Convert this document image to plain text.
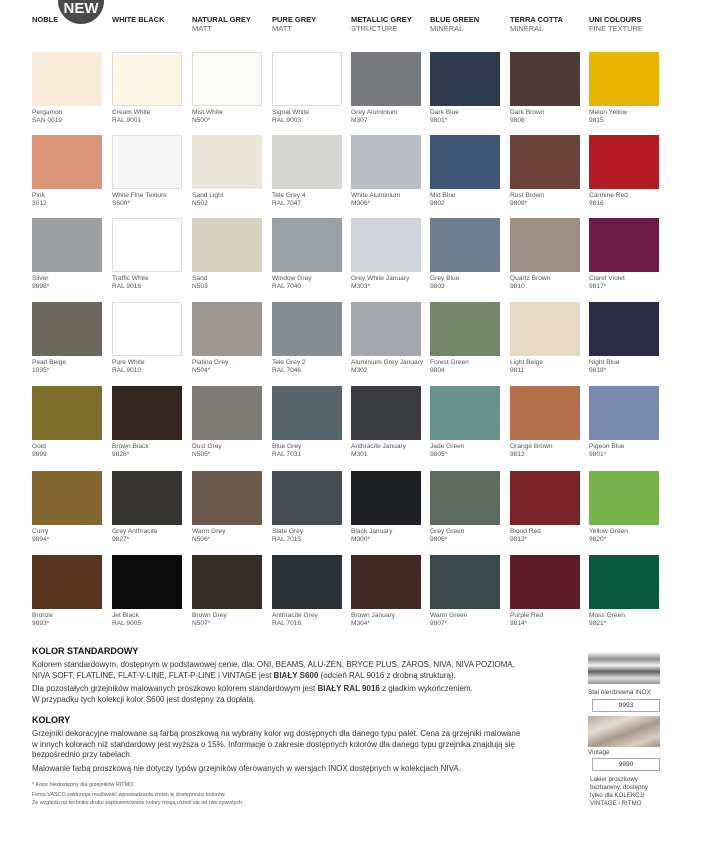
NEW
NOBLE	WHITE BLACK	NATURAL GREY
MATT
PURE GREY
MATT
METALLIC GREY
STRUCTURE
BLUE GREEN
MINERAL
TERRA COTTA
MINERAL
UNI COLOURS
FINE TEXTURE
Pergamon
SAN 0019
Pink
3012
Silver
9898*
Pearl Beige
1035*
Gold
9899
Curry
9894*
Bronze
9893*
Cream White
RAL 9001
White Fine Texture
S600*
Traffic White
RAL 9016
Pure White
RAL 9010
Brown Black
9826*
Grey Anthracite
9827*
Jet Black
RAL 9005
Mist White
N500*
Sand Light
N502
Sand
N503
Platina Grey
N504*
Dust Grey
N505*
Warm Grey
N506*
Brown Grey
N507*
Signal White
RAL 9003
Tele Grey 4
RAL 7047
Window Grey
RAL 7040
Tele Grey 2
RAL 7046
Blue Grey
RAL 7031
Slate Grey
RAL 7015
Anthracite Grey
RAL 7016
Grey Aluminium
M307
White Aluminium
M306*
Grey White January
M303*
Aluminium Grey January
M302
Anthracite January
M301
Black January
M300*
Brown January
M304*
Dark Blue
9801*
Mid Blue
9802
Grey Blue
9803
Forest Green
9804
Jade Green
9805*
Grey Green
9806*
Warm Green
9807*
Dark Brown
9808
Rust Brown
9809*
Quartz Brown
9810
Light Beige
9811
Orange Brown
9812
Blood Red
9813*
Purple Red
9814*
Melon Yellow
9815
Carmine Red
9816
Claret Violet
9817*
Night Blue
9818*
Pigeon Blue
9801*
Yellow Green
9820*
Moss Green
9821*
KOLOR STANDARDOWY
Kolorem standardowym, dostępnym w podstawowej cenie, dla: ONI, BEAMS, ALU-ZEN, BRYCE PLUS, ZAROS, NIVA, NIVA POZIOMA,
NIVA SOFT, FLATLINE, FLAT-V-LINE, FLAT-P-LINE i VINTAGE jest BIAŁY S600 (odcień RAL 9016 z drobną strukturą).
Dla pozostałych grzejników malowanych proszkowo kolorem standardowym jest BIAŁY RAL 9016 z gładkim wykończeniem.
W przypadku tych kolekcji kolor S600 jest dostępny za dopłatą.
KOLORY
Grzejniki dekoracyjne malowane są farbą proszkową na wybrany kolor wg dostępnych dla danego typu palet. Cena za grzejniki malowane
w innych kolorach niż standardowy jest wyższa o 15%. Informacje o zakresie dostępnych kolorów dla danego typu grzejnika znajdują się
bezpośrednio przy tabelach.
Malowanie farbą proszkową nie dotyczy typów grzejników oferowanych w wersjach INOX dostępnych w kolekcjach NIVA.
* Kolor niedostępny dla grzejników RITMO
Firma VASCO zastrzega możliwość wprowadzania zmian w dostępności kolorów.
Ze względu na technikę druku zaprezentowane kolory mogą różnić się od rzeczywistych.
Stal nierdzewna INOX
9993
Vintage
9990
Lakier proszkowy
bezbarwny, dostępny
tylko dla KOLEKCJI
VINTAGE i RITMO
